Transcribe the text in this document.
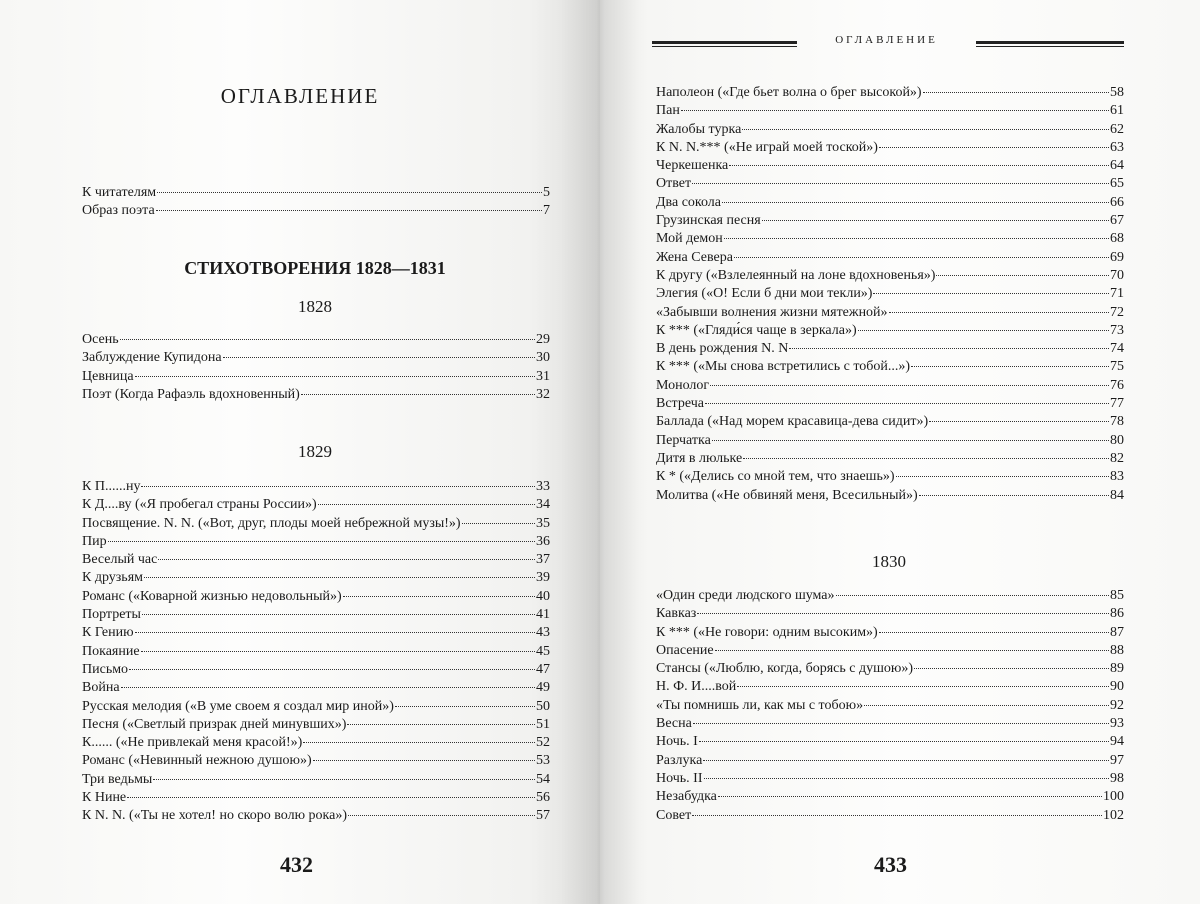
ОГЛАВЛЕНИЕ
К читателям	5
Образ поэта	7
СТИХОТВОРЕНИЯ 1828—1831
1828
Осень	29
Заблуждение Купидона	30
Цевница	31
Поэт (Когда Рафаэль вдохновенный)	32
1829
К П......ну	33
К Д....ву («Я пробегал страны России»)	34
Посвящение. N. N. («Вот, друг, плоды моей небрежной музы!»)	35
Пир	36
Веселый час	37
К друзьям	39
Романс («Коварной жизнью недовольный»)	40
Портреты	41
К Гению	43
Покаяние	45
Письмо	47
Война	49
Русская мелодия («В уме своем я создал мир иной»)	50
Песня («Светлый призрак дней минувших»)	51
К...... («Не привлекай меня красой!»)	52
Романс («Невинный нежною душою»)	53
Три ведьмы	54
К Нине	56
К N. N. («Ты не хотел! но скоро волю рока»)	57
432	433
ОГЛАВЛЕНИЕ
Наполеон («Где бьет волна о брег высокой»)	58
Пан	61
Жалобы турка	62
К N. N.*** («Не играй моей тоской»)	63
Черкешенка	64
Ответ	65
Два сокола	66
Грузинская песня	67
Мой демон	68
Жена Севера	69
К другу («Взлелеянный на лоне вдохновенья»)	70
Элегия («О! Если б дни мои текли»)	71
«Забывши волнения жизни мятежной»	72
К *** («Гляди́ся чаще в зеркала»)	73
В день рождения N. N	74
К *** («Мы снова встретились с тобой...»)	75
Монолог	76
Встреча	77
Баллада («Над морем красавица-дева сидит»)	78
Перчатка	80
Дитя в люльке	82
К * («Делись со мной тем, что знаешь»)	83
Молитва («Не обвиняй меня, Всесильный»)	84
1830
«Один среди людского шума»	85
Кавказ	86
К *** («Не говори: одним высоким»)	87
Опасение	88
Стансы («Люблю, когда, борясь с душою»)	89
Н. Ф. И....вой	90
«Ты помнишь ли, как мы с тобою»	92
Весна	93
Ночь. I	94
Разлука	97
Ночь. II	98
Незабудка	100
Совет	102
